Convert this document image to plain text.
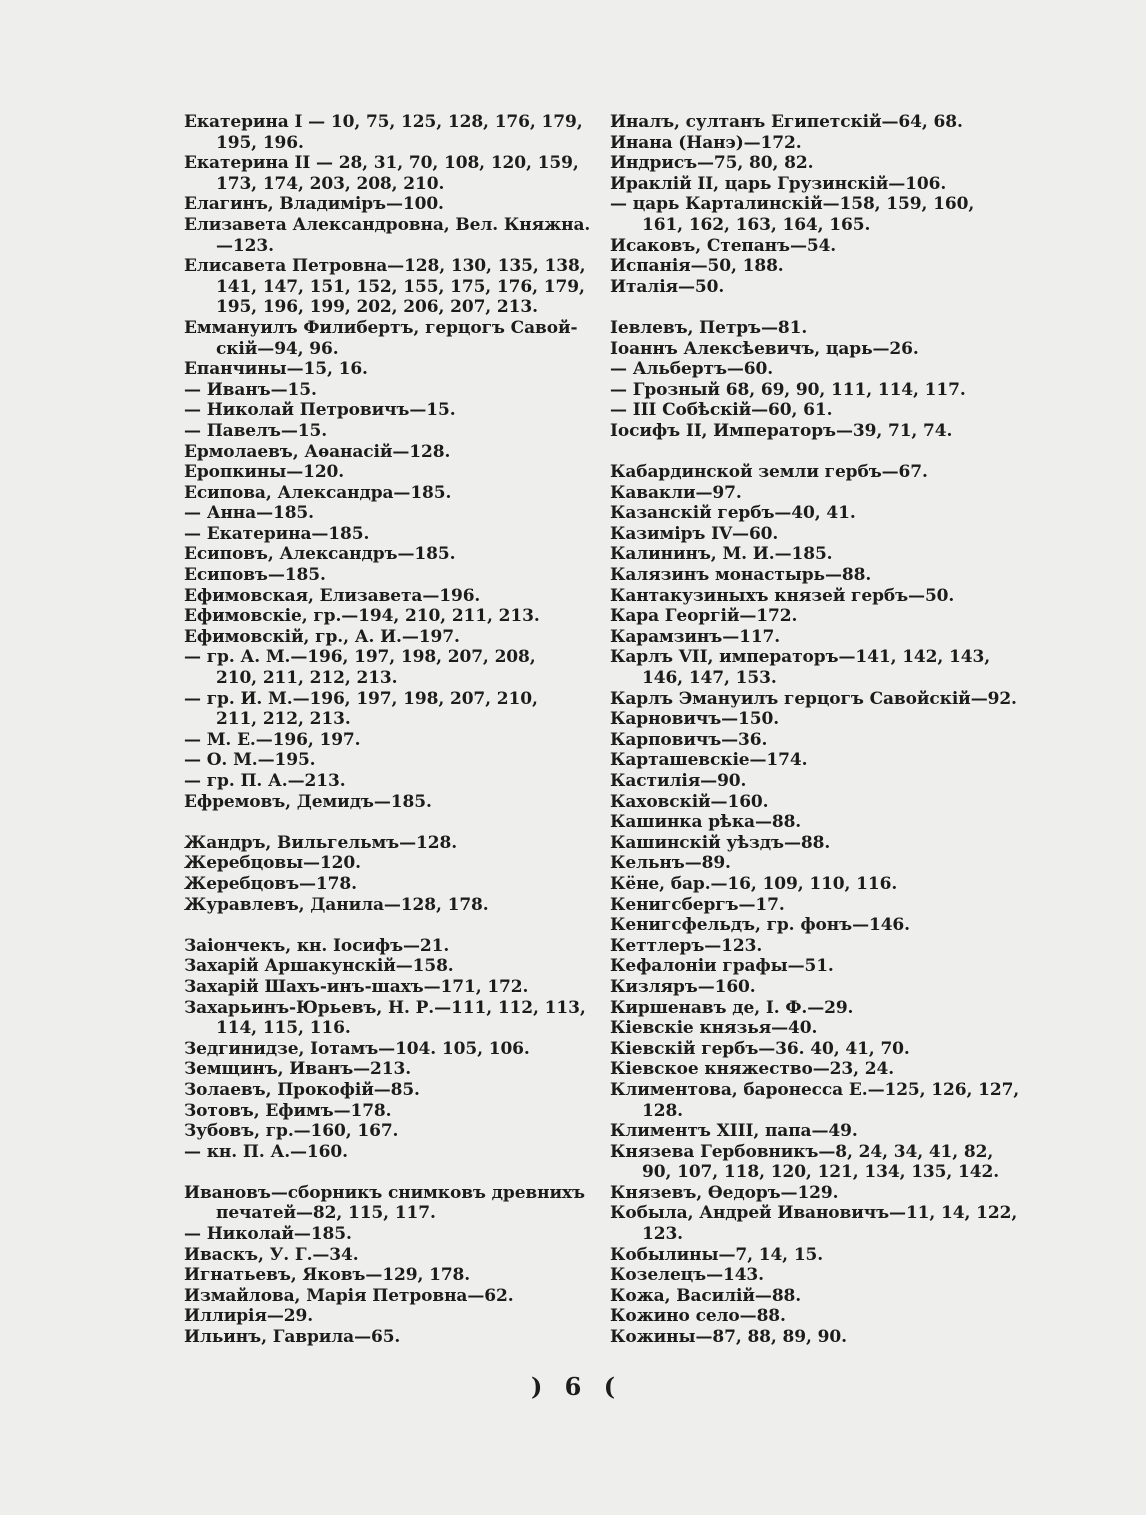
Екатерина I — 10, 75, 125, 128, 176, 179,
195, 196.
Екатерина II — 28, 31, 70, 108, 120, 159,
173, 174, 203, 208, 210.
Елагинъ, Владиміръ—100.
Елизавета Александровна, Вел. Княжна.
—123.
Елисавета Петровна—128, 130, 135, 138,
141, 147, 151, 152, 155, 175, 176, 179,
195, 196, 199, 202, 206, 207, 213.
Еммануилъ Филибертъ, герцогъ Савой-
скій—94, 96.
Епанчины—15, 16.
— Иванъ—15.
— Николай Петровичъ—15.
— Павелъ—15.
Ермолаевъ, Аѳанасій—128.
Еропкины—120.
Есипова, Александра—185.
— Анна—185.
— Екатерина—185.
Есиповъ, Александръ—185.
Есиповъ—185.
Ефимовская, Елизавета—196.
Ефимовскіе, гр.—194, 210, 211, 213.
Ефимовскій, гр., А. И.—197.
— гр. А. М.—196, 197, 198, 207, 208,
210, 211, 212, 213.
— гр. И. М.—196, 197, 198, 207, 210,
211, 212, 213.
— М. Е.—196, 197.
— О. М.—195.
— гр. П. А.—213.
Ефремовъ, Демидъ—185.
Жандръ, Вильгельмъ—128.
Жеребцовы—120.
Жеребцовъ—178.
Журавлевъ, Данила—128, 178.
Заіончекъ, кн. Іосифъ—21.
Захарій Аршакунскій—158.
Захарій Шахъ-инъ-шахъ—171, 172.
Захарьинъ-Юрьевъ, Н. Р.—111, 112, 113,
114, 115, 116.
Зедгинидзе, Іотамъ—104. 105, 106.
Земщинъ, Иванъ—213.
Золаевъ, Прокофій—85.
Зотовъ, Ефимъ—178.
Зубовъ, гр.—160, 167.
— кн. П. А.—160.
Ивановъ—сборникъ снимковъ древнихъ
печатей—82, 115, 117.
— Николай—185.
Иваскъ, У. Г.—34.
Игнатьевъ, Яковъ—129, 178.
Измайлова, Марія Петровна—62.
Иллирія—29.
Ильинъ, Гаврила—65.
Иналъ, султанъ Египетскій—64, 68.
Инана (Нанэ)—172.
Индрисъ—75, 80, 82.
Ираклій II, царь Грузинскій—106.
— царь Карталинскій—158, 159, 160,
161, 162, 163, 164, 165.
Исаковъ, Степанъ—54.
Испанія—50, 188.
Италія—50.
Іевлевъ, Петръ—81.
Іоаннъ Алексѣевичъ, царь—26.
— Альбертъ—60.
— Грозный 68, 69, 90, 111, 114, 117.
— III Собѣскій—60, 61.
Іосифъ II, Императоръ—39, 71, 74.
Кабардинской земли гербъ—67.
Кавакли—97.
Казанскій гербъ—40, 41.
Казиміръ IV—60.
Калининъ, М. И.—185.
Калязинъ монастырь—88.
Кантакузиныхъ князей гербъ—50.
Кара Георгій—172.
Карамзинъ—117.
Карлъ VII, императоръ—141, 142, 143,
146, 147, 153.
Карлъ Эмануилъ герцогъ Савойскій—92.
Карновичъ—150.
Карповичъ—36.
Карташевскіе—174.
Кастилія—90.
Каховскій—160.
Кашинка рѣка—88.
Кашинскій уѣздъ—88.
Кельнъ—89.
Кёне, бар.—16, 109, 110, 116.
Кенигсбергъ—17.
Кенигсфельдъ, гр. фонъ—146.
Кеттлеръ—123.
Кефалоніи графы—51.
Кизляръ—160.
Киршенавъ де, I. Ф.—29.
Кіевскіе князья—40.
Кіевскій гербъ—36. 40, 41, 70.
Кіевское княжество—23, 24.
Климентова, баронесса Е.—125, 126, 127,
128.
Климентъ XIII, папа—49.
Князева Гербовникъ—8, 24, 34, 41, 82,
90, 107, 118, 120, 121, 134, 135, 142.
Князевъ, Ѳедоръ—129.
Кобыла, Андрей Ивановичъ—11, 14, 122,
123.
Кобылины—7, 14, 15.
Козелецъ—143.
Кожа, Василій—88.
Кожино село—88.
Кожины—87, 88, 89, 90.
) 6 (
